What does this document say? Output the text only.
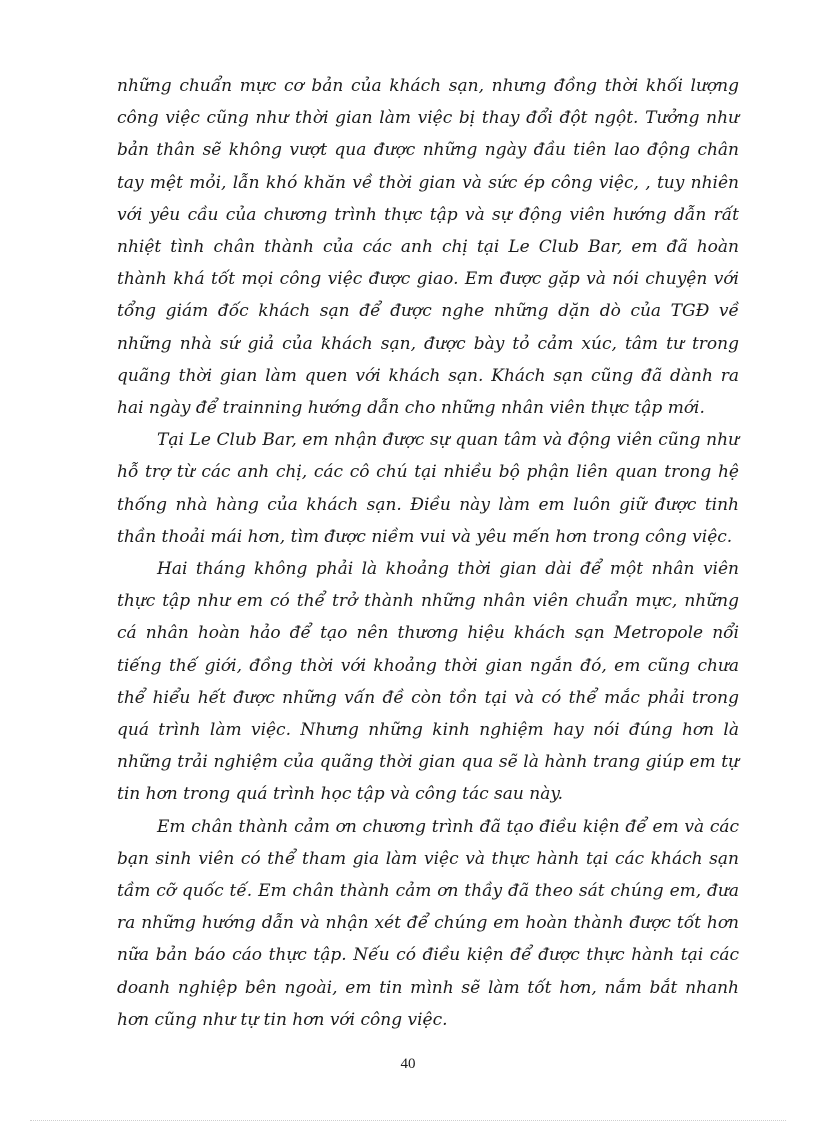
những chuẩn mực cơ bản của khách sạn, nhưng đồng thời khối lượng công việc cũng như thời gian làm việc bị thay đổi đột ngột. Tưởng như bản thân sẽ không vượt qua được những ngày đầu tiên lao động chân tay mệt mỏi, lẫn khó khăn về thời gian và sức ép công việc, , tuy nhiên với yêu cầu của chương trình thực tập và sự động viên hướng dẫn rất nhiệt tình chân thành của các anh chị tại Le Club Bar, em đã hoàn thành khá tốt mọi công việc được giao. Em được gặp và nói chuyện với tổng giám đốc khách sạn để được nghe những dặn dò của TGĐ về những nhà sứ giả của khách sạn, được bày tỏ cảm xúc, tâm tư trong quãng thời gian làm quen với khách sạn. Khách sạn cũng đã dành ra hai ngày để trainning hướng dẫn cho những nhân viên thực tập mới.

Tại Le Club Bar, em nhận được sự quan tâm và động viên cũng như hỗ trợ từ các anh chị, các cô chú tại nhiều bộ phận liên quan trong hệ thống nhà hàng của khách sạn. Điều này làm em luôn giữ được tinh thần thoải mái hơn, tìm được niềm vui và yêu mến hơn trong công việc.

Hai tháng không phải là khoảng thời gian dài để một nhân viên thực tập như em có thể trở thành những nhân viên chuẩn mực, những cá nhân hoàn hảo để tạo nên thương hiệu khách sạn Metropole nổi tiếng thế giới, đồng thời với khoảng thời gian ngắn đó, em cũng chưa thể hiểu hết được những vấn đề còn tồn tại và có thể mắc phải trong quá trình làm việc. Nhưng những kinh nghiệm hay nói đúng hơn là những trải nghiệm của quãng thời gian qua sẽ là hành trang giúp em tự tin hơn trong quá trình học tập và công tác sau này.

Em chân thành cảm ơn chương trình đã tạo điều kiện để em và các bạn sinh viên có thể tham gia làm việc và thực hành tại các khách sạn tầm cỡ quốc tế. Em chân thành cảm ơn thầy đã theo sát chúng em, đưa ra những hướng dẫn và nhận xét để chúng em hoàn thành được tốt hơn nữa bản báo cáo thực tập. Nếu có điều kiện để được thực hành tại các doanh nghiệp bên ngoài, em tin mình sẽ làm tốt hơn, nắm bắt nhanh hơn cũng như tự tin hơn với công việc.

40
